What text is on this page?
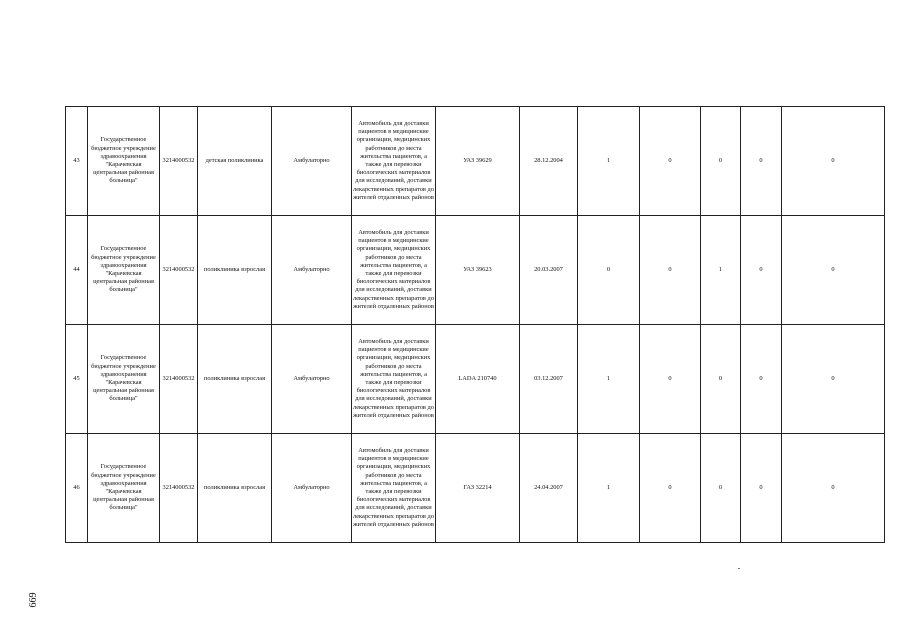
43	Государственное бюджетное учреждение здравоохранения "Карачевская центральная районная больница"	3214000532	детская поликлиника	Амбулаторно	Автомобиль для доставки пациентов в медицинские организации, медицинских работников до места жительства пациентов, а также для перевозки биологических материалов для исследований, доставки лекарственных препаратов до жителей отдаленных районов	УАЗ 39629	28.12.2004	1	0	0	0	0
44	Государственное бюджетное учреждение здравоохранения "Карачевская центральная районная больница"	3214000532	поликлиника взрослая	Амбулаторно	Автомобиль для доставки пациентов в медицинские организации, медицинских работников до места жительства пациентов, а также для перевозки биологических материалов для исследований, доставки лекарственных препаратов до жителей отдаленных районов	УАЗ 39623	20.03.2007	0	0	1	0	0
45	Государственное бюджетное учреждение здравоохранения "Карачевская центральная районная больница"	3214000532	поликлиника взрослая	Амбулаторно	Автомобиль для доставки пациентов в медицинские организации, медицинских работников до места жительства пациентов, а также для перевозки биологических материалов для исследований, доставки лекарственных препаратов до жителей отдаленных районов	LADA 210740	03.12.2007	1	0	0	0	0
46	Государственное бюджетное учреждение здравоохранения "Карачевская центральная районная больница"	3214000532	поликлиника взрослая	Амбулаторно	Автомобиль для доставки пациентов в медицинские организации, медицинских работников до места жительства пациентов, а также для перевозки биологических материалов для исследований, доставки лекарственных препаратов до жителей отдаленных районов	ГАЗ 32214	24.04.2007	1	0	0	0	0
669
